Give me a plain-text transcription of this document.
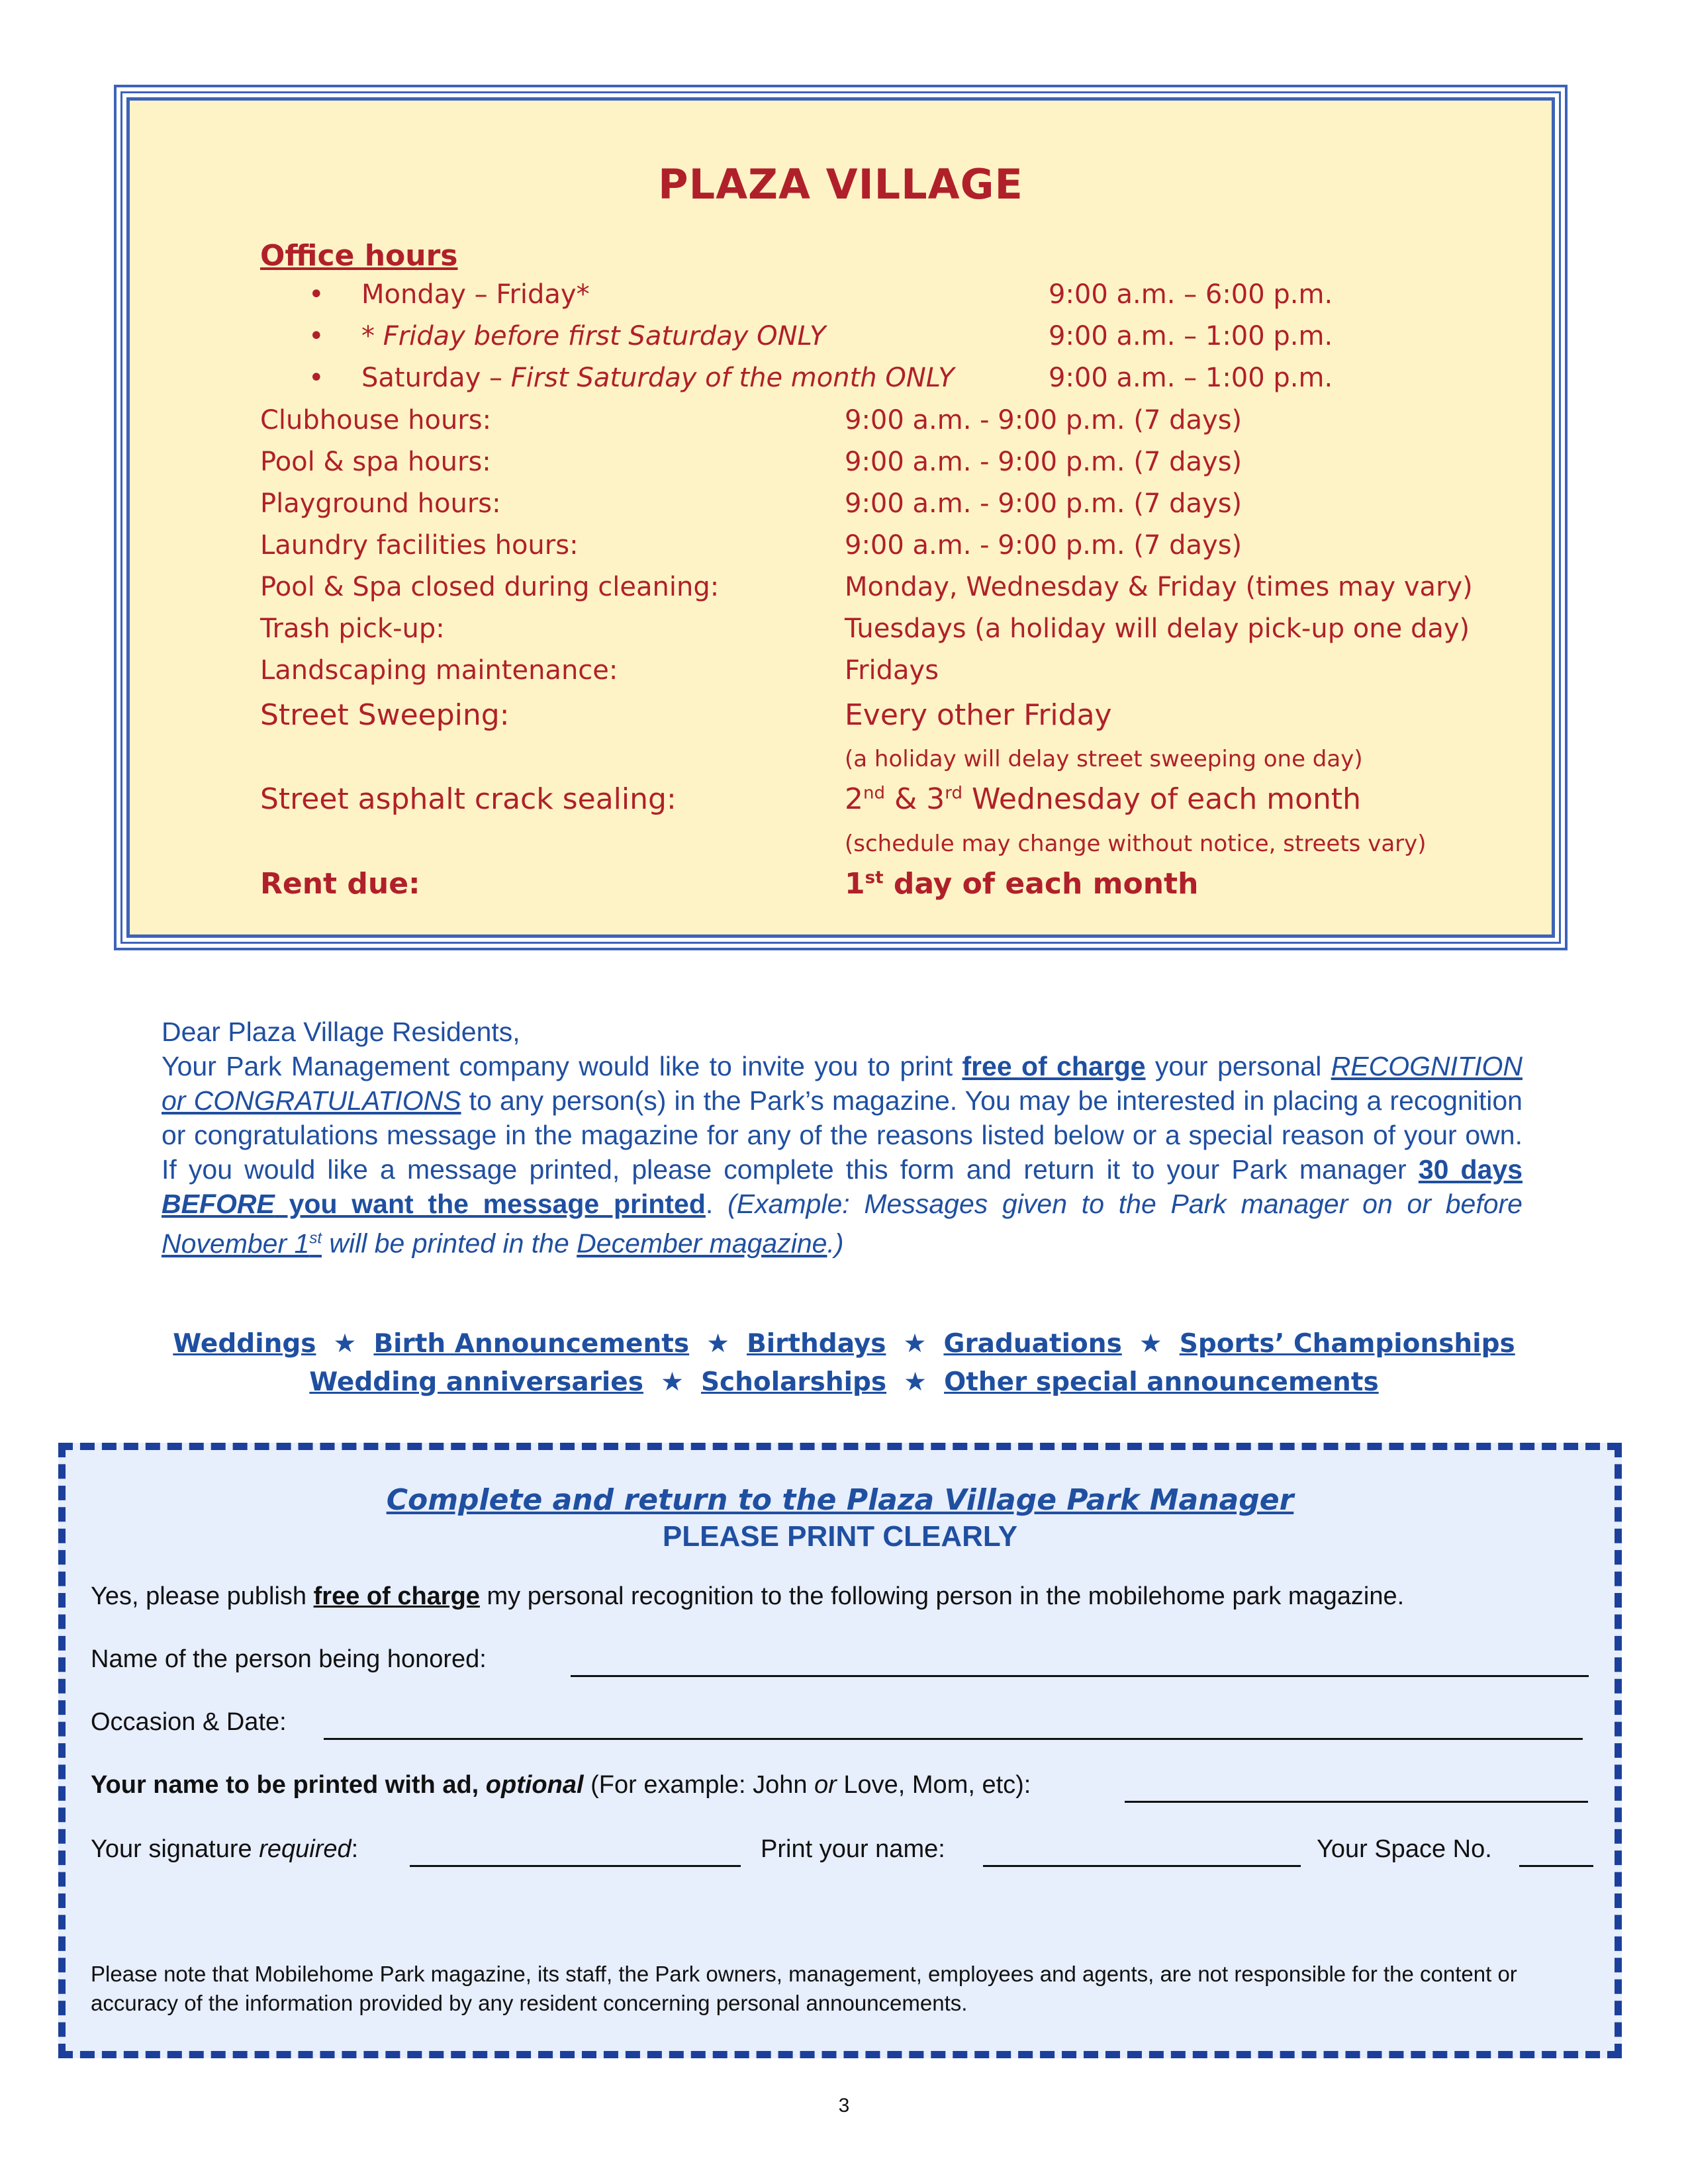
PLAZA VILLAGE
Office hours
• Monday – Friday*	9:00 a.m. – 6:00 p.m.
• * Friday before first Saturday ONLY	9:00 a.m. – 1:00 p.m.
• Saturday – First Saturday of the month ONLY	9:00 a.m. – 1:00 p.m.
Clubhouse hours:	9:00 a.m. - 9:00 p.m. (7 days)
Pool & spa hours:	9:00 a.m. - 9:00 p.m. (7 days)
Playground hours:	9:00 a.m. - 9:00 p.m. (7 days)
Laundry facilities hours:	9:00 a.m. - 9:00 p.m. (7 days)
Pool & Spa closed during cleaning:	Monday, Wednesday & Friday (times may vary)
Trash pick-up:	Tuesdays (a holiday will delay pick-up one day)
Landscaping maintenance:	Fridays
Street Sweeping:	Every other Friday
(a holiday will delay street sweeping one day)
Street asphalt crack sealing:	2nd & 3rd Wednesday of each month
(schedule may change without notice, streets vary)
Rent due:	1st day of each month

Dear Plaza Village Residents,

Your Park Management company would like to invite you to print free of charge your personal RECOGNITION or CONGRATULATIONS to any person(s) in the Park’s magazine. You may be interested in placing a recognition or congratulations message in the magazine for any of the reasons listed below or a special reason of your own. If you would like a message printed, please complete this form and return it to your Park manager 30 days BEFORE you want the message printed. (Example: Messages given to the Park manager on or before November 1st will be printed in the December magazine.)

Weddings ★ Birth Announcements ★ Birthdays ★ Graduations ★ Sports’ Championships
Wedding anniversaries ★ Scholarships ★ Other special announcements
Complete and return to the Plaza Village Park Manager
PLEASE PRINT CLEARLY
Yes, please publish free of charge my personal recognition to the following person in the mobilehome park magazine.
Name of the person being honored:
Occasion & Date:
Your name to be printed with ad, optional (For example: John or Love, Mom, etc):
Your signature required:	Print your name:	Your Space No.
Please note that Mobilehome Park magazine, its staff, the Park owners, management, employees and agents, are not responsible for the content or accuracy of the information provided by any resident concerning personal announcements.
3
